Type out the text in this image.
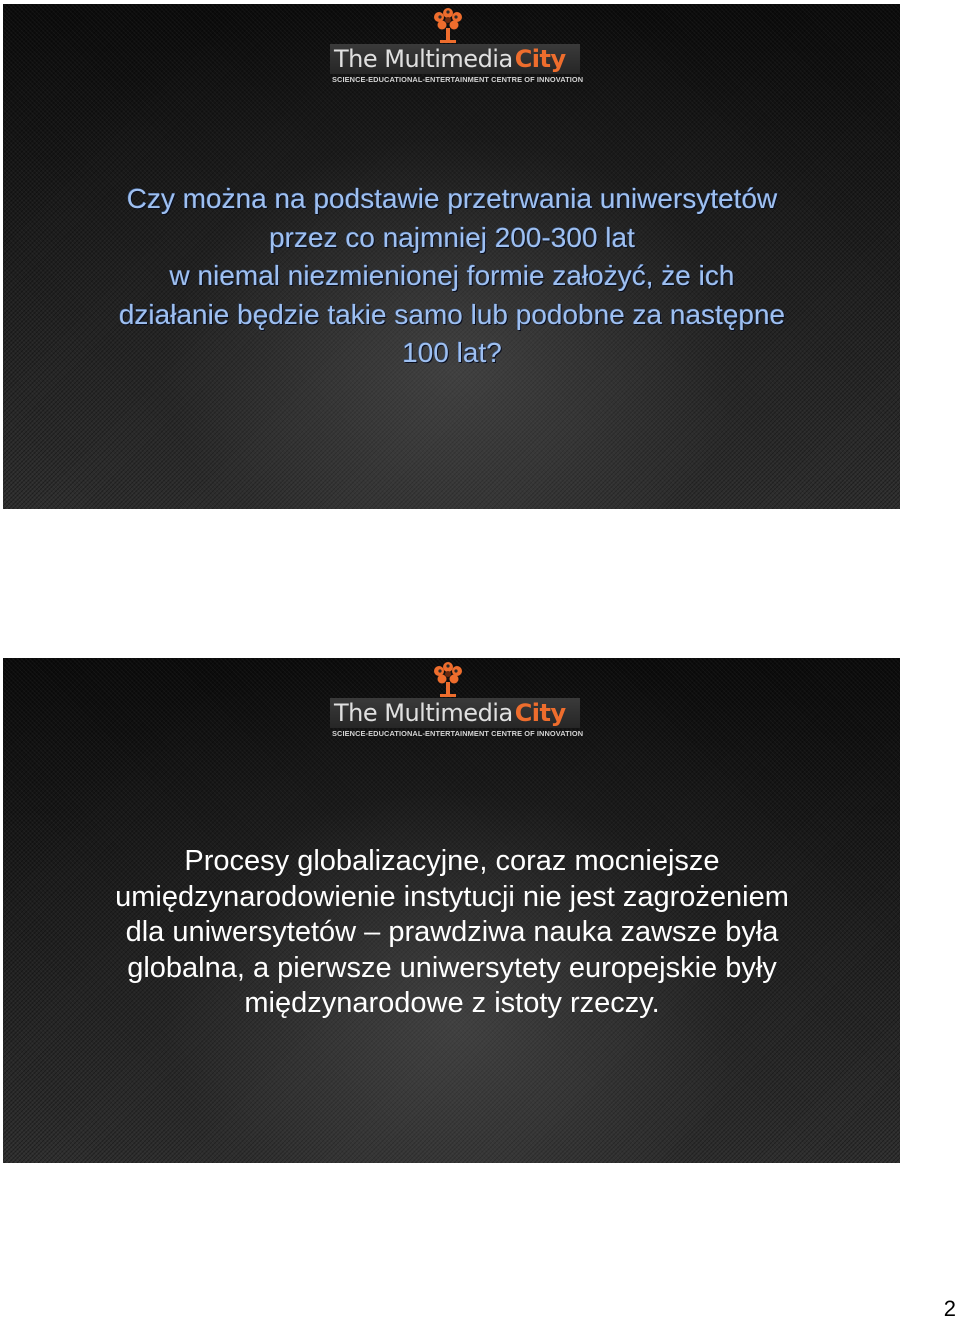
The Multimedia City
SCIENCE-EDUCATIONAL-ENTERTAINMENT CENTRE OF INNOVATION
Czy można na podstawie przetrwania uniwersytetów
przez co najmniej 200-300 lat
w niemal niezmienionej formie założyć, że ich
działanie będzie takie samo lub podobne za następne
100 lat?
The Multimedia City
SCIENCE-EDUCATIONAL-ENTERTAINMENT CENTRE OF INNOVATION
Procesy globalizacyjne, coraz mocniejsze
umiędzynarodowienie instytucji nie jest zagrożeniem
dla uniwersytetów – prawdziwa nauka zawsze była
globalna, a pierwsze uniwersytety europejskie były
międzynarodowe z istoty rzeczy.
2
